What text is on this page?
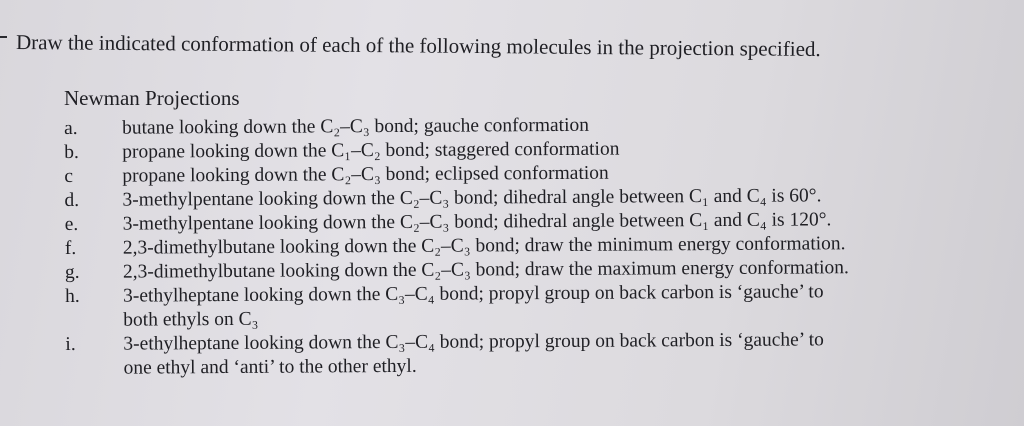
Draw the indicated conformation of each of the following molecules in the projection specified.
Newman Projections
a.	butane looking down the C₂–C₃ bond; gauche conformation
b.	propane looking down the C₁–C₂ bond; staggered conformation
c	propane looking down the C₂–C₃ bond; eclipsed conformation
d.	3-methylpentane looking down the C₂–C₃ bond; dihedral angle between C₁ and C₄ is 60°.
e.	3-methylpentane looking down the C₂–C₃ bond; dihedral angle between C₁ and C₄ is 120°.
f.	2,3-dimethylbutane looking down the C₂–C₃ bond; draw the minimum energy conformation.
g.	2,3-dimethylbutane looking down the C₂–C₃ bond; draw the maximum energy conformation.
h.	3-ethylheptane looking down the C₃–C₄ bond; propyl group on back carbon is ‘gauche’ to
both ethyls on C₃
i.	3-ethylheptane looking down the C₃–C₄ bond; propyl group on back carbon is ‘gauche’ to
one ethyl and ‘anti’ to the other ethyl.
